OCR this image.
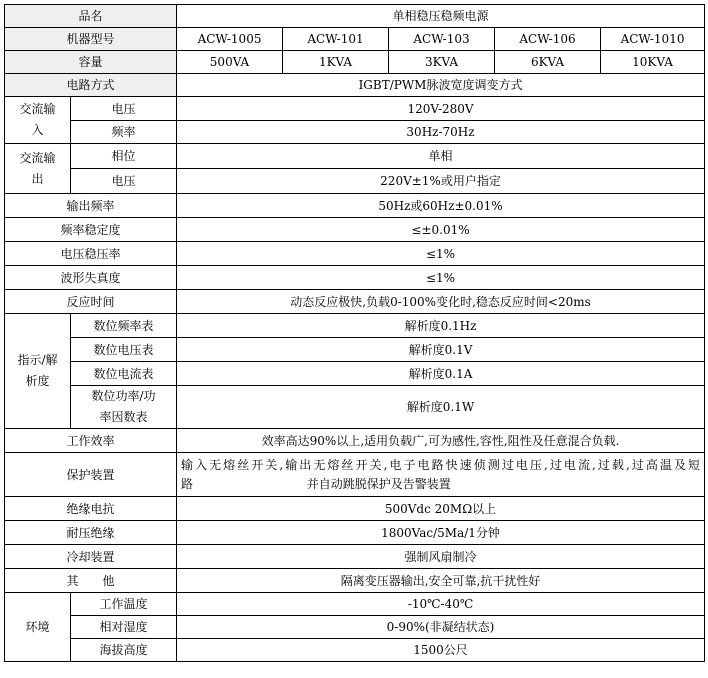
品名		单相稳压稳频电源				
机器型号		ACW-1005	ACW-101	ACW-103	ACW-106	ACW-1010
容量		500VA	1KVA	3KVA	6KVA	10KVA
电路方式		IGBT/PWM脉波宽度调变方式				
交流输
入	电压	120V-280V				
	频率	30Hz-70Hz				
交流输
出	相位	单相				
	电压	220V±1%或用户指定				
输出频率		50Hz或60Hz±0.01%				
频率稳定度		≤±0.01%				
电压稳压率		≤1%				
波形失真度		≤1%				
反应时间		动态反应极快,负载0-100%变化时,稳态反应时间<20ms				
指示/解
析度	数位频率表	解析度0.1Hz				
	数位电压表	解析度0.1V				
	数位电流表	解析度0.1A				
	数位功率/功
率因数表	解析度0.1W				
工作效率		效率高达90%以上,适用负载广,可为感性,容性,阻性及任意混合负载.				
保护装置		输入无熔丝开关,输出无熔丝开关,电子电路快速侦测过电压,过电流,过载,过高温及短
路 并自动跳脱保护及告警装置				

绝缘电抗		500Vdc 20MΩ以上				
耐压绝缘		1800Vac/5Ma/1分钟				
冷却装置		强制风扇制冷				
其　　他		隔离变压器输出,安全可靠,抗干扰性好				
环境	工作温度	-10℃-40℃				
	相对湿度	0-90%(非凝结状态)				
	海拔高度	1500公尺				
